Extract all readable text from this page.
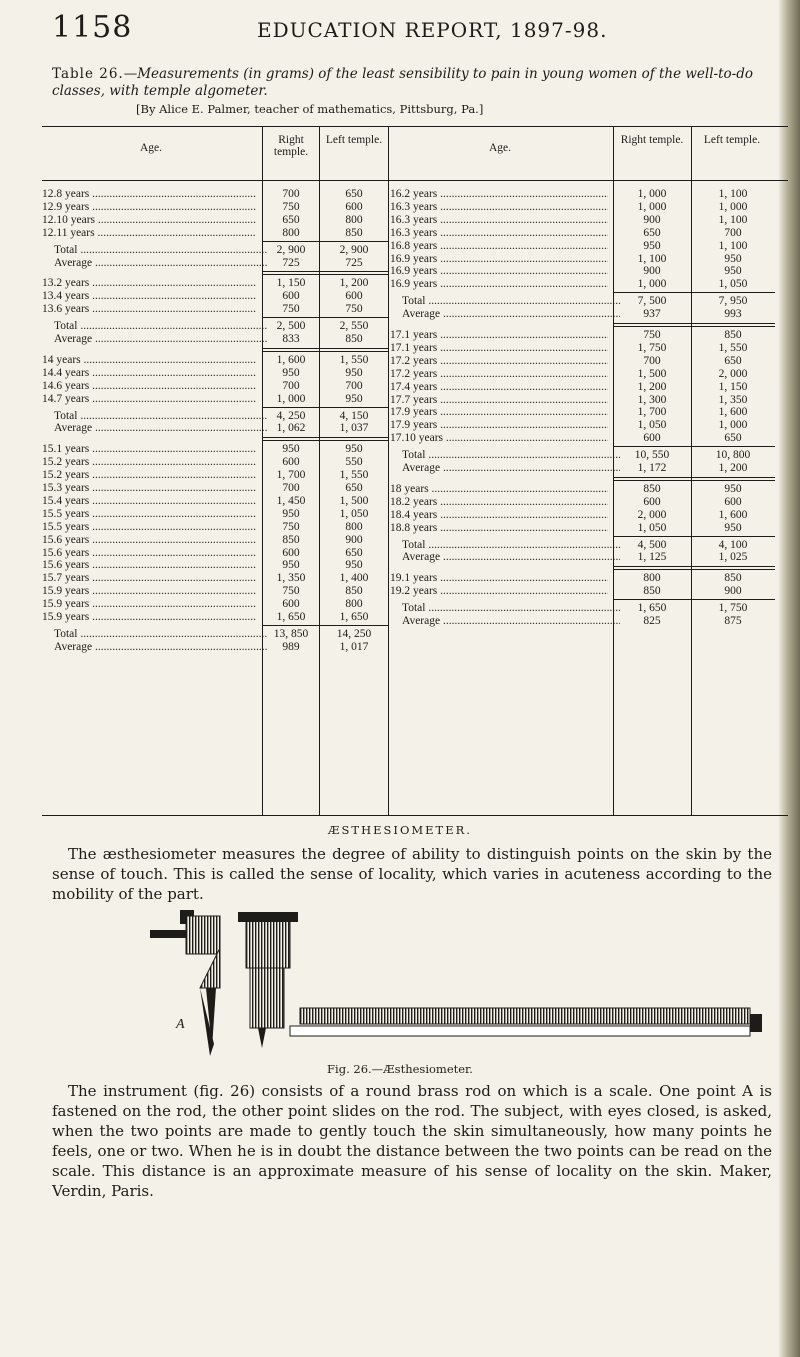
1158	EDUCATION REPORT, 1897-98.
Table 26.—Measurements (in grams) of the least sensibility to pain in young women of the well-to-do classes, with temple algometer.
[By Alice E. Palmer, teacher of mathematics, Pittsburg, Pa.]
Age.
Right temple.
Left temple.
Age.
Right temple.	Left temple.
12.8 years .....	700	650
12.9 years .....	750	600
12.10 years .....	650	800
12.11 years .....	800	850
Total .....	2, 900	2, 900
Average .....	725	725
13.2 years .....	1, 150	1, 200
13.4 years .....	600	600
13.6 years .....	750	750
Total .....	2, 500	2, 550
Average .....	833	850
14 years .....	1, 600	1, 550
14.4 years .....	950	950
14.6 years .....	700	700
14.7 years .....	1, 000	950
Total .....	4, 250	4, 150
Average .....	1, 062	1, 037
15.1 years .....	950	950
15.2 years .....	600	550
15.2 years .....	1, 700	1, 550
15.3 years .....	700	650
15.4 years .....	1, 450	1, 500
15.5 years .....	950	1, 050
15.5 years .....	750	800
15.6 years .....	850	900
15.6 years .....	600	650
15.6 years .....	950	950
15.7 years .....	1, 350	1, 400
15.9 years .....	750	850
15.9 years .....	600	800
15.9 years .....	1, 650	1, 650
Total .....	13, 850	14, 250
Average .....	989	1, 017
16.2 years .....	1, 000	1, 100
16.3 years .....	1, 000	1, 000
16.3 years .....	900	1, 100
16.3 years .....	650	700
16.8 years .....	950	1, 100
16.9 years .....	1, 100	950
16.9 years .....	900	950
16.9 years .....	1, 000	1, 050
Total .....	7, 500	7, 950
Average .....	937	993
17.1 years .....	750	850
17.1 years .....	1, 750	1, 550
17.2 years .....	700	650
17.2 years .....	1, 500	2, 000
17.4 years .....	1, 200	1, 150
17.7 years .....	1, 300	1, 350
17.9 years .....	1, 700	1, 600
17.9 years .....	1, 050	1, 000
17.10 years .....	600	650
Total .....	10, 550	10, 800
Average .....	1, 172	1, 200
18 years .....	850	950
18.2 years .....	600	600
18.4 years .....	2, 000	1, 600
18.8 years .....	1, 050	950
Total .....	4, 500	4, 100
Average .....	1, 125	1, 025
19.1 years .....	800	850
19.2 years .....	850	900
Total .....	1, 650	1, 750
Average .....	825	875
ÆSTHESIOMETER.
The æsthesiometer measures the degree of ability to distinguish points on the skin by the sense of touch. This is called the sense of locality, which varies in acuteness according to the mobility of the part.
A
Fig. 26.—Æsthesiometer.
The instrument (fig. 26) consists of a round brass rod on which is a scale. One point A is fastened on the rod, the other point slides on the rod. The subject, with eyes closed, is asked, when the two points are made to gently touch the skin simultaneously, how many points he feels, one or two. When he is in doubt the distance between the two points can be read on the scale. This distance is an approximate measure of his sense of locality on the skin. Maker, Verdin, Paris.
